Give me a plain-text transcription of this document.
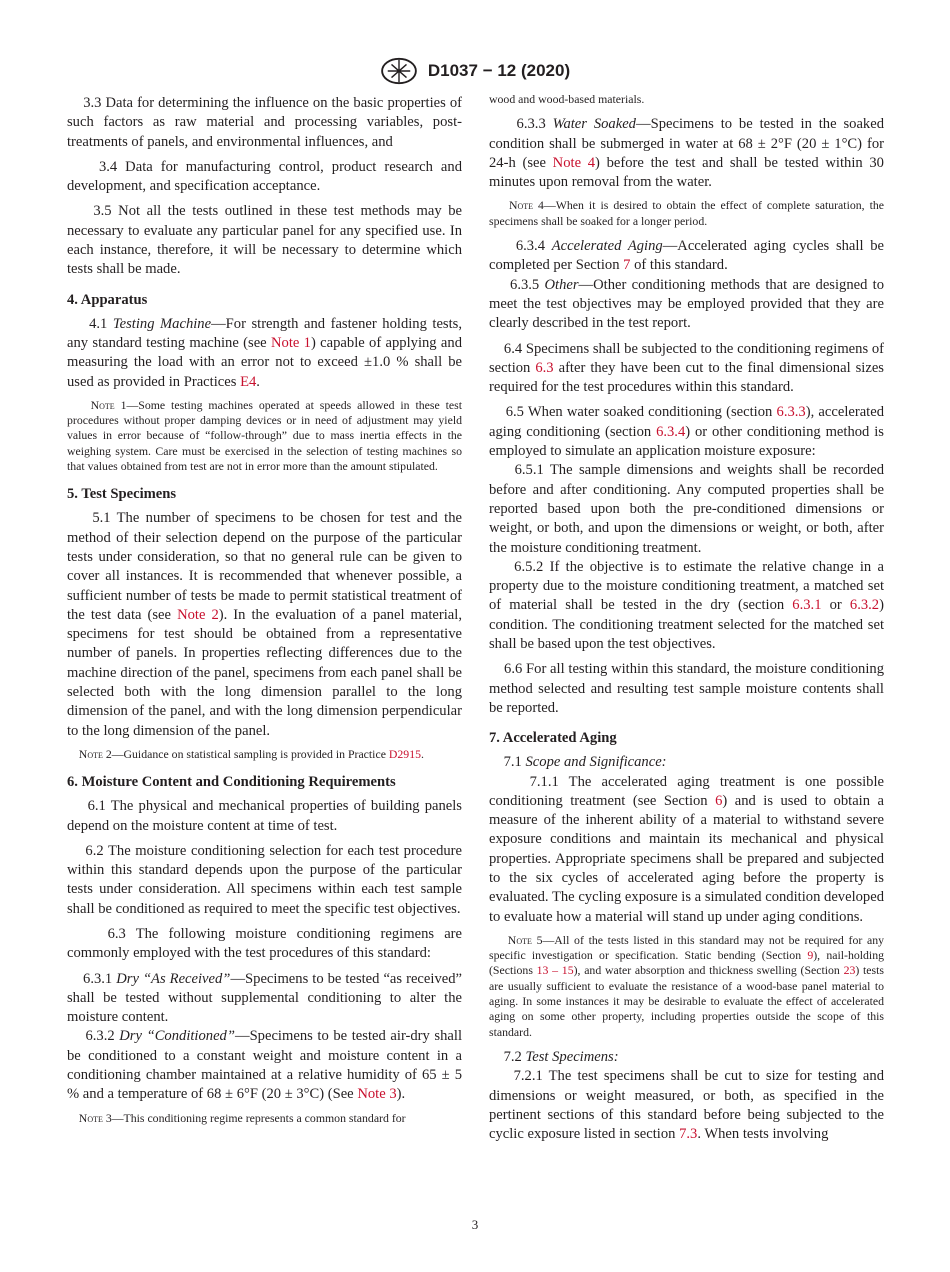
D1037 − 12 (2020)

3.3 Data for determining the influence on the basic properties of such factors as raw material and processing variables, post-treatments of panels, and environmental influences, and

3.4 Data for manufacturing control, product research and development, and specification acceptance.

3.5 Not all the tests outlined in these test methods may be necessary to evaluate any particular panel for any specified use. In each instance, therefore, it will be necessary to determine which tests shall be made.

4. Apparatus

4.1 Testing Machine—For strength and fastener holding tests, any standard testing machine (see Note 1) capable of applying and measuring the load with an error not to exceed ±1.0 % shall be used as provided in Practices E4.

Note 1—Some testing machines operated at speeds allowed in these test procedures without proper damping devices or in need of adjustment may yield values in error because of “follow-through” due to mass inertia effects in the weighing system. Care must be exercised in the selection of testing machines so that values obtained from test are not in error more than the amount stipulated.

5. Test Specimens

5.1 The number of specimens to be chosen for test and the method of their selection depend on the purpose of the particular tests under consideration, so that no general rule can be given to cover all instances. It is recommended that whenever possible, a sufficient number of tests be made to permit statistical treatment of the test data (see Note 2). In the evaluation of a panel material, specimens for test should be obtained from a representative number of panels. In properties reflecting differences due to the machine direction of the panel, specimens from each panel shall be selected both with the long dimension parallel to the long dimension of the panel, and with the long dimension perpendicular to the long dimension of the panel.

Note 2—Guidance on statistical sampling is provided in Practice D2915.

6. Moisture Content and Conditioning Requirements

6.1 The physical and mechanical properties of building panels depend on the moisture content at time of test.

6.2 The moisture conditioning selection for each test procedure within this standard depends upon the purpose of the particular tests under consideration. All specimens within each test sample shall be conditioned as required to meet the specific test objectives.

6.3 The following moisture conditioning regimens are commonly employed with the test procedures of this standard:

6.3.1 Dry “As Received”—Specimens to be tested “as received” shall be tested without supplemental conditioning to alter the moisture content.

6.3.2 Dry “Conditioned”—Specimens to be tested air-dry shall be conditioned to a constant weight and moisture content in a conditioning chamber maintained at a relative humidity of 65 ± 5 % and a temperature of 68 ± 6°F (20 ± 3°C) (See Note 3).

Note 3—This conditioning regime represents a common standard for

wood and wood-based materials.

6.3.3 Water Soaked—Specimens to be tested in the soaked condition shall be submerged in water at 68 ± 2°F (20 ± 1°C) for 24-h (see Note 4) before the test and shall be tested within 30 minutes upon removal from the water.

Note 4—When it is desired to obtain the effect of complete saturation, the specimens shall be soaked for a longer period.

6.3.4 Accelerated Aging—Accelerated aging cycles shall be completed per Section 7 of this standard.

6.3.5 Other—Other conditioning methods that are designed to meet the test objectives may be employed provided that they are clearly described in the test report.

6.4 Specimens shall be subjected to the conditioning regimens of section 6.3 after they have been cut to the final dimensional sizes required for the test procedures within this standard.

6.5 When water soaked conditioning (section 6.3.3), accelerated aging conditioning (section 6.3.4) or other conditioning method is employed to simulate an application moisture exposure:

6.5.1 The sample dimensions and weights shall be recorded before and after conditioning. Any computed properties shall be reported based upon both the pre-conditioned dimensions or weight, or both, and upon the dimensions or weight, or both, after the moisture conditioning treatment.

6.5.2 If the objective is to estimate the relative change in a property due to the moisture conditioning treatment, a matched set of material shall be tested in the dry (section 6.3.1 or 6.3.2) condition. The conditioning treatment selected for the matched set shall be based upon the test objectives.

6.6 For all testing within this standard, the moisture conditioning method selected and resulting test sample moisture contents shall be reported.

7. Accelerated Aging

7.1 Scope and Significance:

7.1.1 The accelerated aging treatment is one possible conditioning treatment (see Section 6) and is used to obtain a measure of the inherent ability of a material to withstand severe exposure conditions and maintain its mechanical and physical properties. Appropriate specimens shall be prepared and subjected to the six cycles of accelerated aging before the property is evaluated. The cycling exposure is a simulated condition developed to evaluate how a material will stand up under aging conditions.

Note 5—All of the tests listed in this standard may not be required for any specific investigation or specification. Static bending (Section 9), nail-holding (Sections 13 – 15), and water absorption and thickness swelling (Section 23) tests are usually sufficient to evaluate the resistance of a wood-base panel material to aging. In some instances it may be desirable to evaluate the effect of accelerated aging on some other property, including properties outside the scope of this standard.

7.2 Test Specimens:

7.2.1 The test specimens shall be cut to size for testing and dimensions or weight measured, or both, as specified in the pertinent sections of this standard before being subjected to the cyclic exposure listed in section 7.3. When tests involving

3
